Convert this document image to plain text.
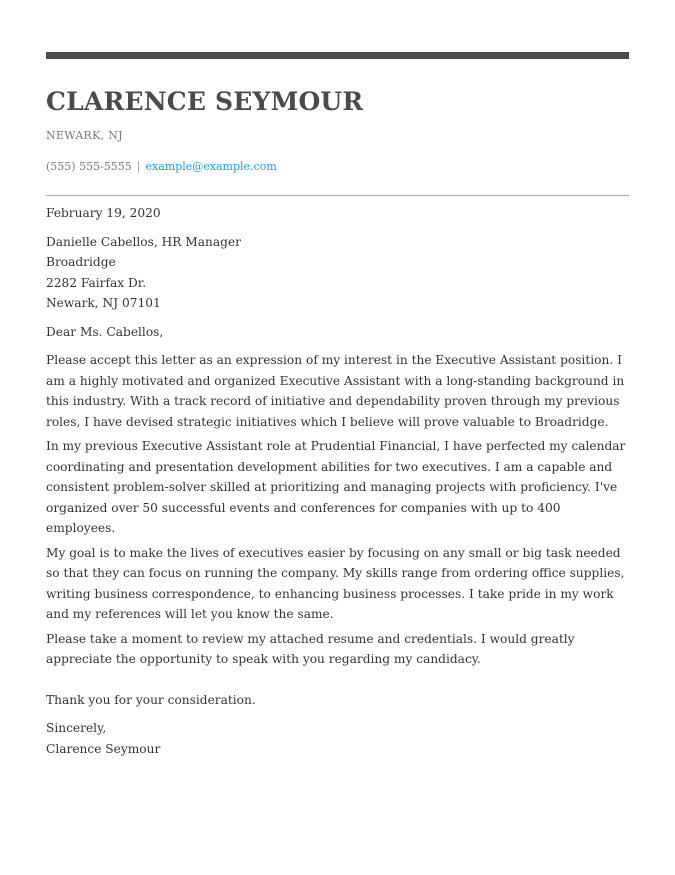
CLARENCE SEYMOUR
NEWARK, NJ
(555) 555-5555 | example@example.com

February 19, 2020

Danielle Cabellos, HR Manager
Broadridge
2282 Fairfax Dr.
Newark, NJ 07101

Dear Ms. Cabellos,

Please accept this letter as an expression of my interest in the Executive Assistant position. I am a highly motivated and organized Executive Assistant with a long-standing background in this industry. With a track record of initiative and dependability proven through my previous roles, I have devised strategic initiatives which I believe will prove valuable to Broadridge.

In my previous Executive Assistant role at Prudential Financial, I have perfected my calendar coordinating and presentation development abilities for two executives. I am a capable and consistent problem-solver skilled at prioritizing and managing projects with proficiency. I've organized over 50 successful events and conferences for companies with up to 400 employees.

My goal is to make the lives of executives easier by focusing on any small or big task needed so that they can focus on running the company. My skills range from ordering office supplies, writing business correspondence, to enhancing business processes. I take pride in my work and my references will let you know the same.

Please take a moment to review my attached resume and credentials. I would greatly appreciate the opportunity to speak with you regarding my candidacy.

Thank you for your consideration.

Sincerely,

Clarence Seymour
